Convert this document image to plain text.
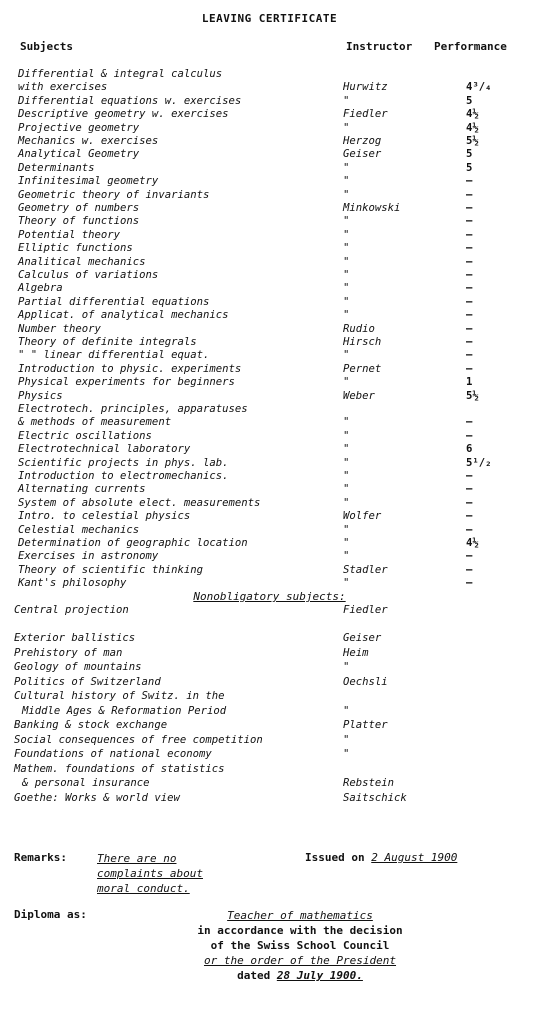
LEAVING CERTIFICATE
Subjects	Instructor Performance
Differential & integral calculus
with exercises	Hurwitz	4³/₄
Differential equations w. exercises	"	5
Descriptive geometry w. exercises	Fiedler	4½
Projective geometry	"	4½
Mechanics w. exercises	Herzog	5½
Analytical Geometry	Geiser	5
Determinants	"	5
Infinitesimal geometry	"	–
Geometric theory of invariants	"	–
Geometry of numbers	Minkowski	–
Theory of functions	"	–
Potential theory	"	–
Elliptic functions	"	–
Analitical mechanics	"	–
Calculus of variations	"	–
Algebra	"	–
Partial differential equations	"	–
Applicat. of analytical mechanics	"	–
Number theory	Rudio	–
Theory of definite integrals	Hirsch	–
" " linear differential equat.	"	–
Introduction to physic. experiments	Pernet	–
Physical experiments for beginners	"	1
Physics	Weber	5½
Electrotech. principles, apparatuses
& methods of measurement	"	–
Electric oscillations	"	–
Electrotechnical laboratory	"	6
Scientific projects in phys. lab.	"	5¹/₂
Introduction to electromechanics.	"	–
Alternating currents	"	–
System of absolute elect. measurements	"	–
Intro. to celestial physics	Wolfer	–
Celestial mechanics	"	–
Determination of geographic location	"	4½
Exercises in astronomy	"	–
Theory of scientific thinking	Stadler	–
Kant's philosophy	"	–
Nonobligatory subjects:
Central projection	Fiedler
Exterior ballistics	Geiser
Prehistory of man	Heim
Geology of mountains	"
Politics of Switzerland	Oechsli
Cultural history of Switz. in the
Middle Ages & Reformation Period	"
Banking & stock exchange	Platter
Social consequences of free competition	"
Foundations of national economy	"
Mathem. foundations of statistics
& personal insurance	Rebstein
Goethe: Works & world view	Saitschick
Remarks:	There are no complaints about moral conduct.
Issued on 2 August 1900
Diploma as:	Teacher of mathematics
in accordance with the decision
of the Swiss School Council
or the order of the President
dated 28 July 1900.
